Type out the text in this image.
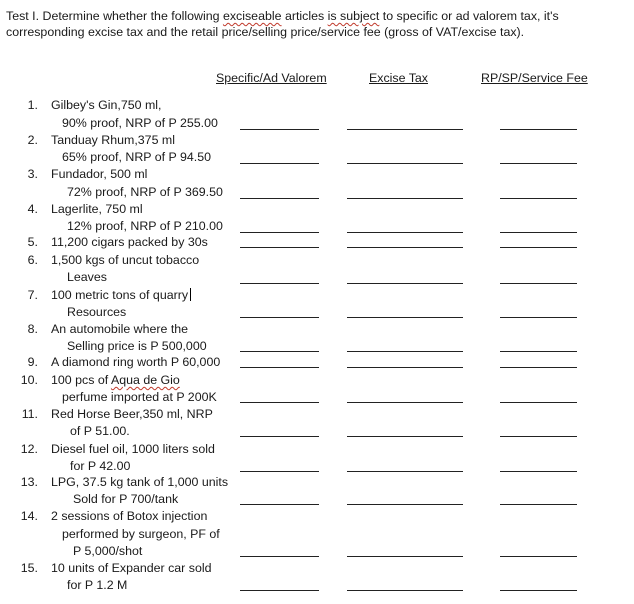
Test I. Determine whether the following exciseable articles is subject to specific or ad valorem tax, it's corresponding excise tax and the retail price/selling price/service fee (gross of VAT/excise tax).
Specific/Ad Valorem	Excise Tax	RP/SP/Service Fee
1. Gilbey's Gin,750 ml,
90% proof, NRP of P 255.00
2. Tanduay Rhum,375 ml
65% proof, NRP of P 94.50
3. Fundador, 500 ml
72% proof, NRP of P 369.50
4. Lagerlite, 750 ml
12% proof, NRP of P 210.00
5. 11,200 cigars packed by 30s
6. 1,500 kgs of uncut tobacco
Leaves
7. 100 metric tons of quarry
Resources
8. An automobile where the
Selling price is P 500,000
9. A diamond ring worth P 60,000
10. 100 pcs of Aqua de Gio
perfume imported at P 200K
11. Red Horse Beer,350 ml, NRP
of P 51.00.
12. Diesel fuel oil, 1000 liters sold
for P 42.00
13. LPG, 37.5 kg tank of 1,000 units
Sold for P 700/tank
14. 2 sessions of Botox injection
performed by surgeon, PF of
P 5,000/shot
15. 10 units of Expander car sold
for P 1.2 M
